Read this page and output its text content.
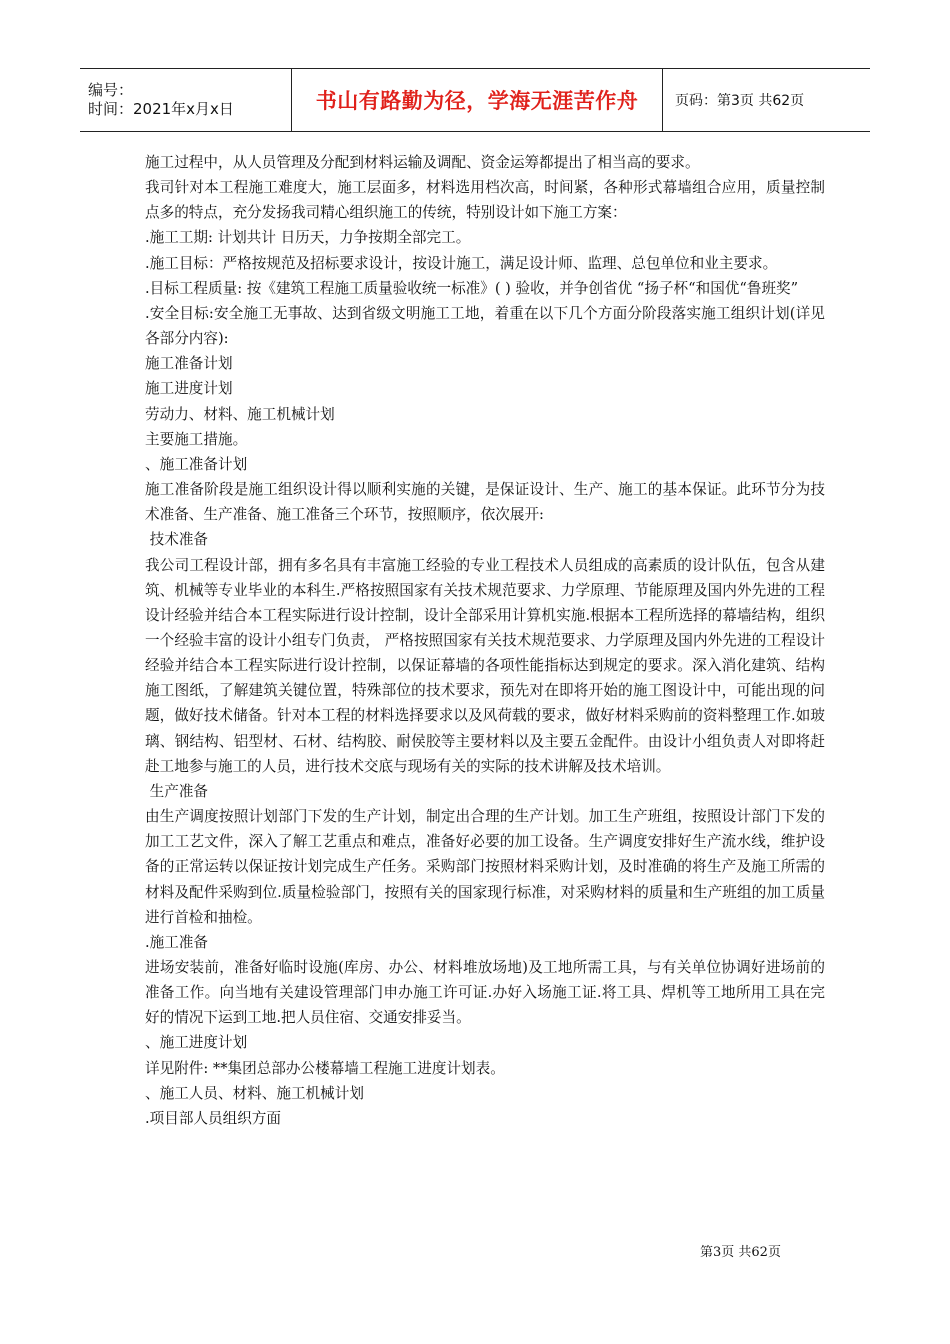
编号：
时间：2021年x月x日	书山有路勤为径，学海无涯苦作舟	页码：第3页 共62页

施工过程中，从人员管理及分配到材料运输及调配、资金运筹都提出了相当高的要求。

我司针对本工程施工难度大，施工层面多，材料选用档次高，时间紧，各种形式幕墙组合应用，质量控制点多的特点，充分发扬我司精心组织施工的传统，特别设计如下施工方案：

.施工工期: 计划共计 日历天，力争按期全部完工。

.施工目标：严格按规范及招标要求设计，按设计施工，满足设计师、监理、总包单位和业主要求。

.目标工程质量: 按《建筑工程施工质量验收统一标准》( ) 验收，并争创省优 “扬子杯“和国优“鲁班奖”

.安全目标:安全施工无事故、达到省级文明施工工地，着重在以下几个方面分阶段落实施工组织计划(详见各部分内容):

施工准备计划

施工进度计划

劳动力、材料、施工机械计划

主要施工措施。

、施工准备计划

施工准备阶段是施工组织设计得以顺利实施的关键，是保证设计、生产、施工的基本保证。此环节分为技术准备、生产准备、施工准备三个环节，按照顺序，依次展开:

技术准备

我公司工程设计部，拥有多名具有丰富施工经验的专业工程技术人员组成的高素质的设计队伍，包含从建筑、机械等专业毕业的本科生.严格按照国家有关技术规范要求、力学原理、节能原理及国内外先进的工程设计经验并结合本工程实际进行设计控制，设计全部采用计算机实施.根据本工程所选择的幕墙结构，组织一个经验丰富的设计小组专门负责， 严格按照国家有关技术规范要求、力学原理及国内外先进的工程设计经验并结合本工程实际进行设计控制，以保证幕墙的各项性能指标达到规定的要求。深入消化建筑、结构施工图纸，了解建筑关键位置，特殊部位的技术要求，预先对在即将开始的施工图设计中，可能出现的问题，做好技术储备。针对本工程的材料选择要求以及风荷载的要求，做好材料采购前的资料整理工作.如玻璃、钢结构、铝型材、石材、结构胶、耐侯胶等主要材料以及主要五金配件。由设计小组负责人对即将赶赴工地参与施工的人员，进行技术交底与现场有关的实际的技术讲解及技术培训。

生产准备

由生产调度按照计划部门下发的生产计划，制定出合理的生产计划。加工生产班组，按照设计部门下发的加工工艺文件，深入了解工艺重点和难点，准备好必要的加工设备。生产调度安排好生产流水线，维护设备的正常运转以保证按计划完成生产任务。采购部门按照材料采购计划，及时准确的将生产及施工所需的材料及配件采购到位.质量检验部门，按照有关的国家现行标准，对采购材料的质量和生产班组的加工质量进行首检和抽检。

.施工准备

进场安装前，准备好临时设施(库房、办公、材料堆放场地)及工地所需工具，与有关单位协调好进场前的准备工作。向当地有关建设管理部门申办施工许可证.办好入场施工证.将工具、焊机等工地所用工具在完好的情况下运到工地.把人员住宿、交通安排妥当。

、施工进度计划

详见附件: **集团总部办公楼幕墙工程施工进度计划表。

、施工人员、材料、施工机械计划

.项目部人员组织方面

第3页 共62页
